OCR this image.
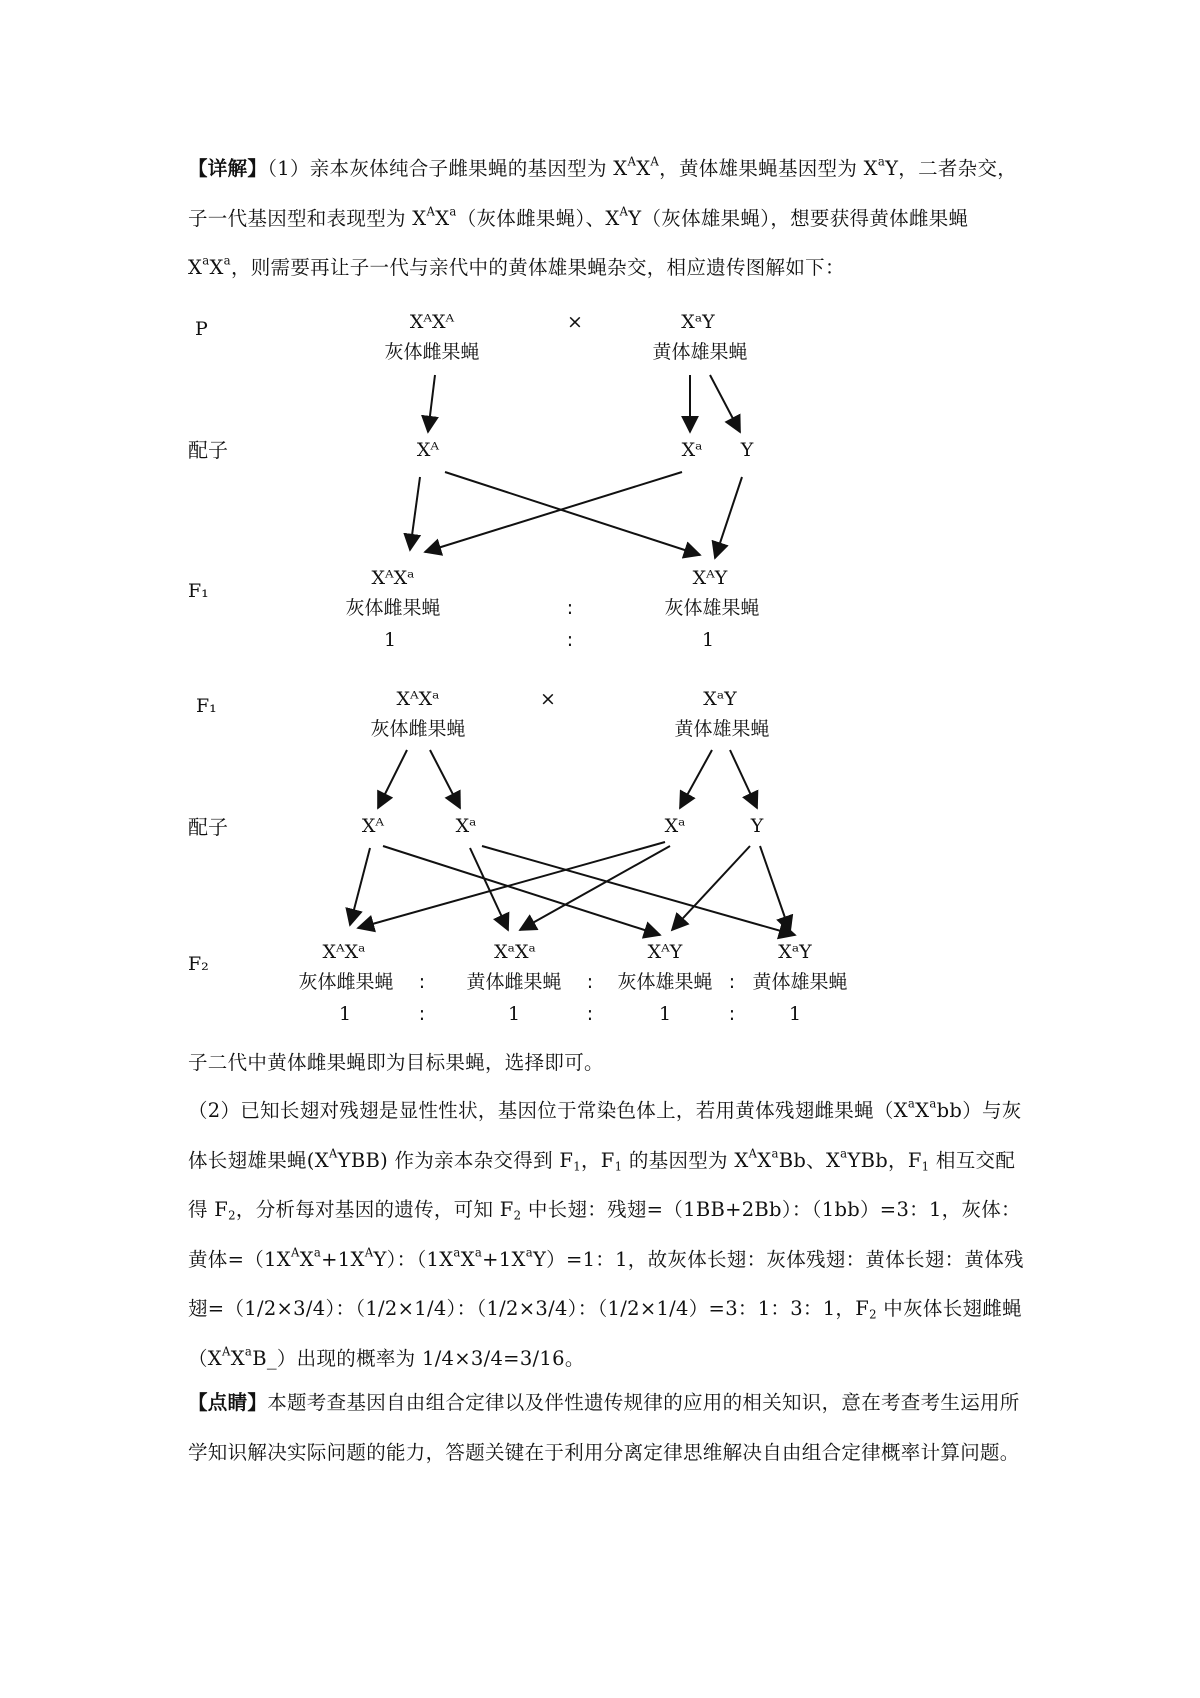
【详解】（1）亲本灰体纯合子雌果蝇的基因型为 $X^AX^A$，黄体雄果蝇基因型为 $X^aY$，二者杂交，子一代基因型和表现型为 $X^AX^a$（灰体雌果蝇）、$X^AY$（灰体雄果蝇），想要获得黄体雌果蝇 $X^aX^a$，则需要再让子一代与亲代中的黄体雄果蝇杂交，相应遗传图解如下：
P
配子
F₁
XᴬXᴬ
灰体雌果蝇
×	XᵃY
黄体雄果蝇
Xᴬ	Xᵃ Y
XᴬXᵃ
灰体雌果蝇
1
:
:
XᴬY
灰体雄果蝇
1
F₁
配子
F₂
XᴬXᵃ
灰体雌果蝇
×	XᵃY
黄体雄果蝇
Xᴬ	Xᵃ	Xᵃ	Y
XᴬXᵃ
灰体雌果蝇
1
XᵃXᵃ
黄体雌果蝇
1
XᴬY
灰体雄果蝇
1
XᵃY
黄体雄果蝇
1
:	:	:
:	:	:
子二代中黄体雌果蝇即为目标果蝇，选择即可。
（2）已知长翅对残翅是显性性状，基因位于常染色体上，若用黄体残翅雌果蝇$(X^aX^abb)$与灰体长翅雄果蝇$(X^AYBB)$ 作为亲本杂交得到 $F_1$，$F_1$ 的基因型为 $X^AX^aBb$、$X^aYBb$，$F_1$ 相互交配得 $F_2$，分析每对基因的遗传，可知 $F_2$ 中长翅：残翅=（1BB+2Bb）：（1bb）=3：1，灰体：黄体$=(1X^AX^a+1X^AY)$：$(1X^aX^a+1X^aY)=1$：1，故灰体长翅：灰体残翅：黄体长翅：黄体残翅=（1/2×3/4）：（1/2×1/4）：（1/2×3/4）：（1/2×1/4）=3：1：3：1，$F_2$ 中灰体长翅雌蝇$(X^AX^aB\_)$出现的概率为 1/4×3/4=3/16。
【点睛】本题考查基因自由组合定律以及伴性遗传规律的应用的相关知识，意在考查考生运用所学知识解决实际问题的能力，答题关键在于利用分离定律思维解决自由组合定律概率计算问题。
